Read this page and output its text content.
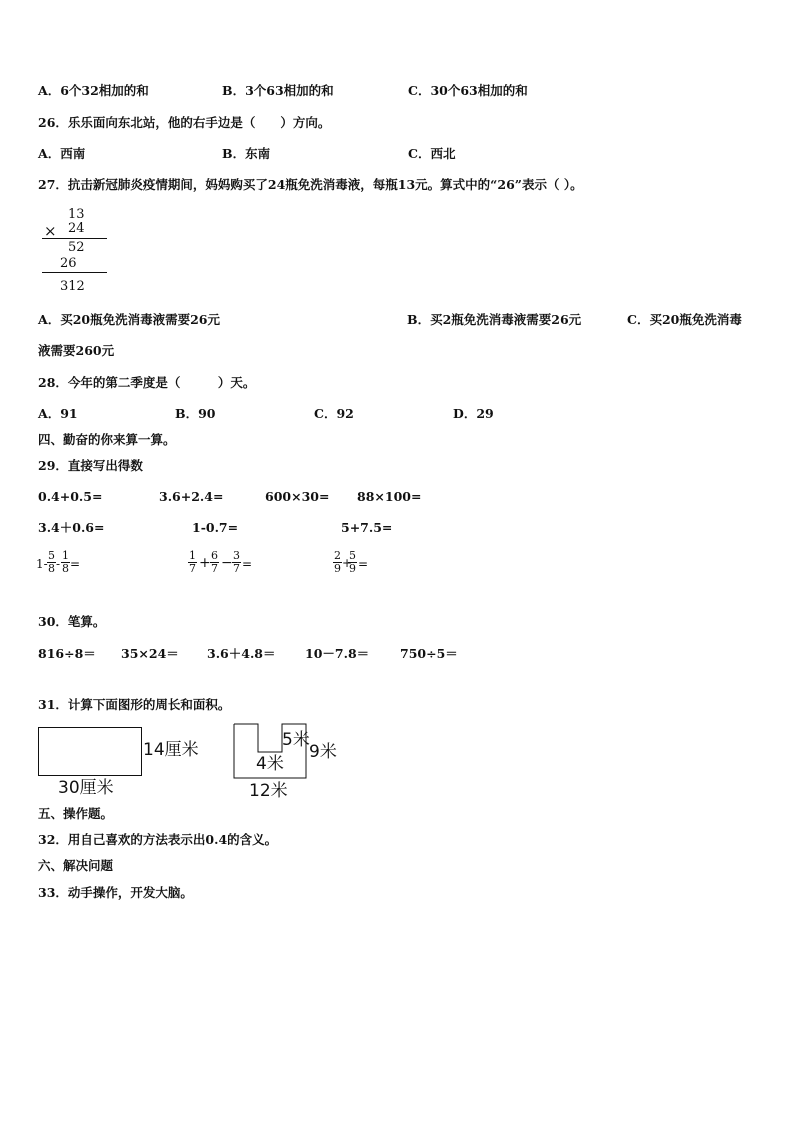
A．6个32相加的和	B．3个63相加的和	C．30个63相加的和
26．乐乐面向东北站，他的右手边是（　　）方向。
A．西南	B．东南	C．西北
27．抗击新冠肺炎疫情期间，妈妈购买了24瓶免洗消毒液，每瓶13元。算式中的“26”表示（ ）。
13
× 24
52
26
312
A．买20瓶免洗消毒液需要26元	B．买2瓶免洗消毒液需要26元	C．买20瓶免洗消毒
液需要260元
28．今年的第二季度是（　　　）天。
A．91	B．90	C．92	D．29
四、勤奋的你来算一算。
29．直接写出得数
0.4+0.5=	3.6+2.4=	600×30= 88×100=
3.4＋0.6=	1-0.7=	5+7.5=
$1- \frac{5}{8} - \frac{1}{8}$ =	$\frac{1}{7} + \frac{6}{7} - \frac{3}{7}$ =	$\frac{2}{9}$ +
$\frac{5}{9}$ =
30．笔算。
816÷8＝ 35×24＝ 3.6＋4.8＝ 10－7.8＝ 750÷5＝
31．计算下面图形的周长和面积。
14厘米
30厘米
5米
4米
9米
12米
五、操作题。
32．用自己喜欢的方法表示出0.4的含义。
六、解决问题
33．动手操作，开发大脑。
